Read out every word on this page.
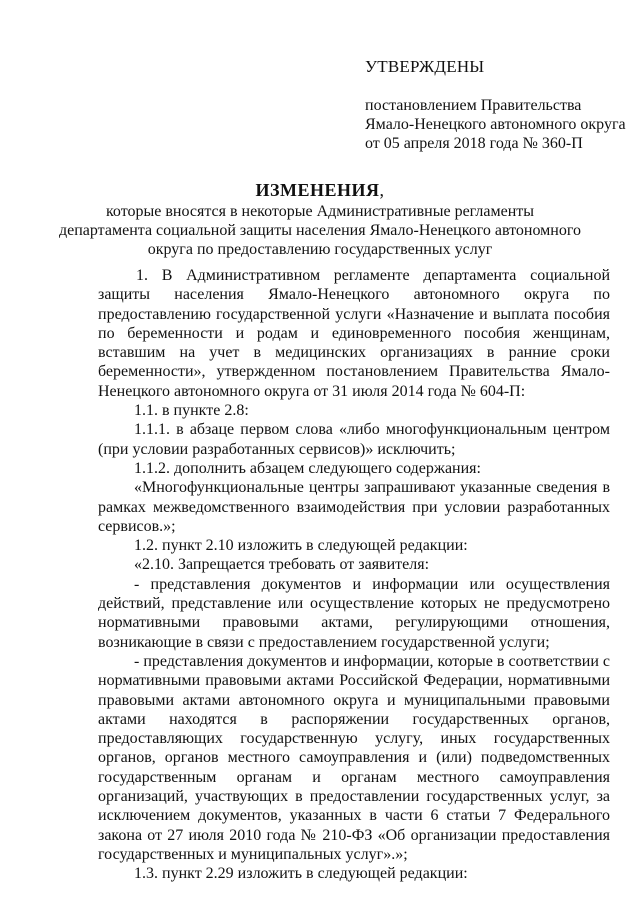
УТВЕРЖДЕНЫ
постановлением Правительства
Ямало-Ненецкого автономного округа
от 05 апреля 2018 года № 360-П
ИЗМЕНЕНИЯ,
которые вносятся в некоторые Административные регламенты
департамента социальной защиты населения Ямало-Ненецкого автономного
округа по предоставлению государственных услуг

1. В Административном регламенте департамента социальной защиты населения Ямало-Ненецкого автономного округа по предоставлению государственной услуги «Назначение и выплата пособия по беременности и родам и единовременного пособия женщинам, вставшим на учет в медицинских организациях в ранние сроки беременности», утвержденном постановлением Правительства Ямало-Ненецкого автономного округа от 31 июля 2014 года № 604-П:

1.1. в пункте 2.8:

1.1.1. в абзаце первом слова «либо многофункциональным центром (при условии разработанных сервисов)» исключить;

1.1.2. дополнить абзацем следующего содержания:

«Многофункциональные центры запрашивают указанные сведения в рамках межведомственного взаимодействия при условии разработанных сервисов.»;

1.2. пункт 2.10 изложить в следующей редакции:

«2.10. Запрещается требовать от заявителя:

- представления документов и информации или осуществления действий, представление или осуществление которых не предусмотрено нормативными правовыми актами, регулирующими отношения, возникающие в связи с предоставлением государственной услуги;

- представления документов и информации, которые в соответствии с нормативными правовыми актами Российской Федерации, нормативными правовыми актами автономного округа и муниципальными правовыми актами находятся в распоряжении государственных органов, предоставляющих государственную услугу, иных государственных органов, органов местного самоуправления и (или) подведомственных государственным органам и органам местного самоуправления организаций, участвующих в предоставлении государственных услуг, за исключением документов, указанных в части 6 статьи 7 Федерального закона от 27 июля 2010 года № 210-ФЗ «Об организации предоставления государственных и муниципальных услуг».»;

1.3. пункт 2.29 изложить в следующей редакции:
